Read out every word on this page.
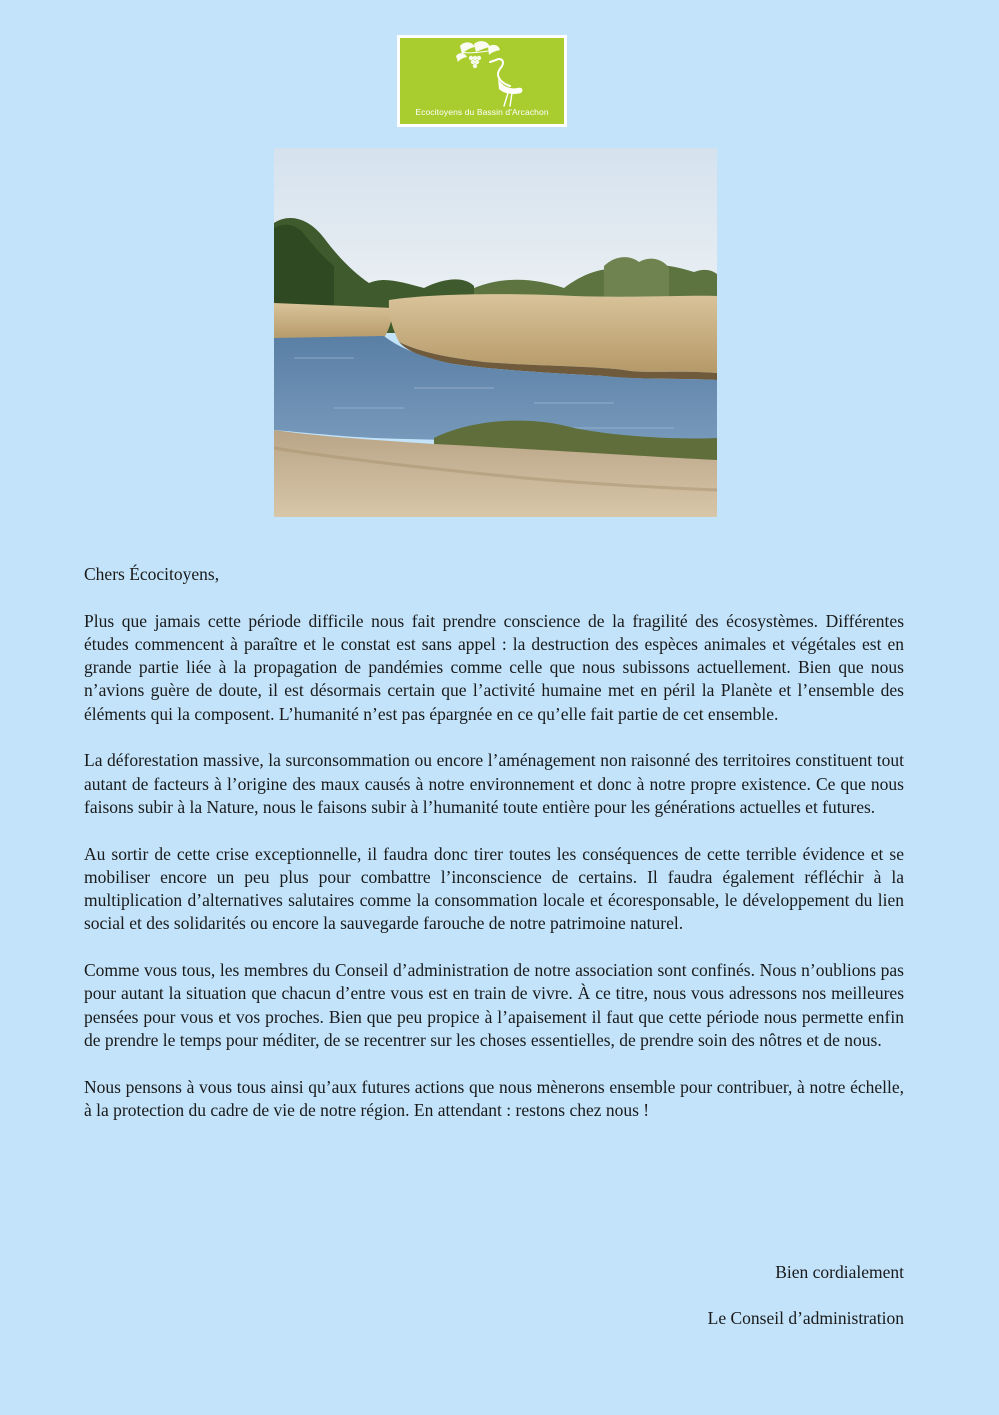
Ecocitoyens du Bassin d'Arcachon

Chers Écocitoyens,

Plus que jamais cette période difficile nous fait prendre conscience de la fragilité des écosystèmes. Différentes études commencent à paraître et le constat est sans appel : la destruction des espèces animales et végétales est en grande partie liée à la propagation de pandémies comme celle que nous subissons actuellement. Bien que nous n’avions guère de doute, il est désormais certain que l’activité humaine met en péril la Planète et l’ensemble des éléments qui la composent. L’humanité n’est pas épargnée en ce qu’elle fait partie de cet ensemble.

La déforestation massive, la surconsommation ou encore l’aménagement non raisonné des territoires constituent tout autant de facteurs à l’origine des maux causés à notre environnement et donc à notre propre existence. Ce que nous faisons subir à la Nature, nous le faisons subir à l’humanité toute entière pour les générations actuelles et futures.

Au sortir de cette crise exceptionnelle, il faudra donc tirer toutes les conséquences de cette terrible évidence et se mobiliser encore un peu plus pour combattre l’inconscience de certains. Il faudra également réfléchir à la multiplication d’alternatives salutaires comme la consommation locale et écoresponsable, le développement du lien social et des solidarités ou encore la sauvegarde farouche de notre patrimoine naturel.

Comme vous tous, les membres du Conseil d’administration de notre association sont confinés. Nous n’oublions pas pour autant la situation que chacun d’entre vous est en train de vivre. À ce titre, nous vous adressons nos meilleures pensées pour vous et vos proches. Bien que peu propice à l’apaisement il faut que cette période nous permette enfin de prendre le temps pour méditer, de se recentrer sur les choses essentielles, de prendre soin des nôtres et de nous.

Nous pensons à vous tous ainsi qu’aux futures actions que nous mènerons ensemble pour contribuer, à notre échelle, à la protection du cadre de vie de notre région. En attendant : restons chez nous !

Bien cordialement
Le Conseil d’administration
